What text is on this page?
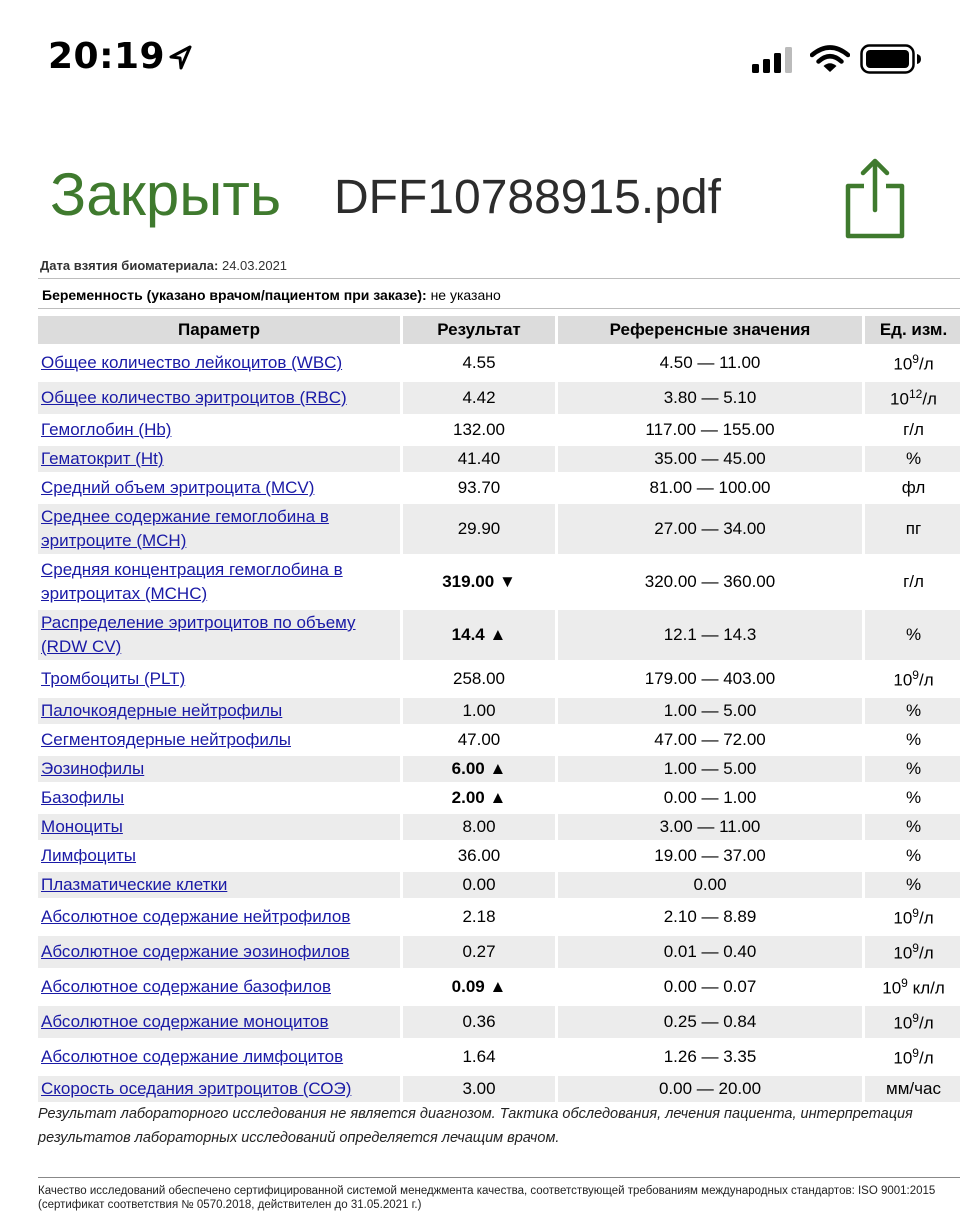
20:19
Закрыть DFF10788915.pdf
Дата взятия биоматериала: 24.03.2021
Беременность (указано врачом/пациентом при заказе): не указано
Параметр	Результат	Референсные значения	Ед. изм.
Общее количество лейкоцитов (WBC)	4.55	4.50 — 11.00	$10^9/л$
Общее количество эритроцитов (RBC)	4.42	3.80 — 5.10	$10^{12}/л$
Гемоглобин (Hb)	132.00	117.00 — 155.00	г/л
Гематокрит (Ht)	41.40	35.00 — 45.00	%
Средний объем эритроцита (MCV)	93.70	81.00 — 100.00	фл
Среднее содержание гемоглобина в эритроците (MCH)	29.90	27.00 — 34.00	пг
Средняя концентрация гемоглобина в эритроцитах (MCHC)	319.00 ▼	320.00 — 360.00	г/л
Распределение эритроцитов по объему (RDW CV)	14.4 ▲	12.1 — 14.3	%
Тромбоциты (PLT)	258.00	179.00 — 403.00	$10^9/л$
Палочкоядерные нейтрофилы	1.00	1.00 — 5.00	%
Сегментоядерные нейтрофилы	47.00	47.00 — 72.00	%
Эозинофилы	6.00 ▲	1.00 — 5.00	%
Базофилы	2.00 ▲	0.00 — 1.00	%
Моноциты	8.00	3.00 — 11.00	%
Лимфоциты	36.00	19.00 — 37.00	%
Плазматические клетки	0.00	0.00	%
Абсолютное содержание нейтрофилов	2.18	2.10 — 8.89	$10^9/л$
Абсолютное содержание эозинофилов	0.27	0.01 — 0.40	$10^9/л$
Абсолютное содержание базофилов	0.09 ▲	0.00 — 0.07	$10^9$ кл/л
Абсолютное содержание моноцитов	0.36	0.25 — 0.84	$10^9/л$
Абсолютное содержание лимфоцитов	1.64	1.26 — 3.35	$10^9/л$
Скорость оседания эритроцитов (СОЭ)	3.00	0.00 — 20.00	мм/час
Результат лабораторного исследования не является диагнозом. Тактика обследования, лечения пациента, интерпретация результатов лабораторных исследований определяется лечащим врачом.
Качество исследований обеспечено сертифицированной системой менеджмента качества, соответствующей требованиям международных стандартов: ISO 9001:2015 (сертификат соответствия № 0570.2018, действителен до 31.05.2021 г.)
